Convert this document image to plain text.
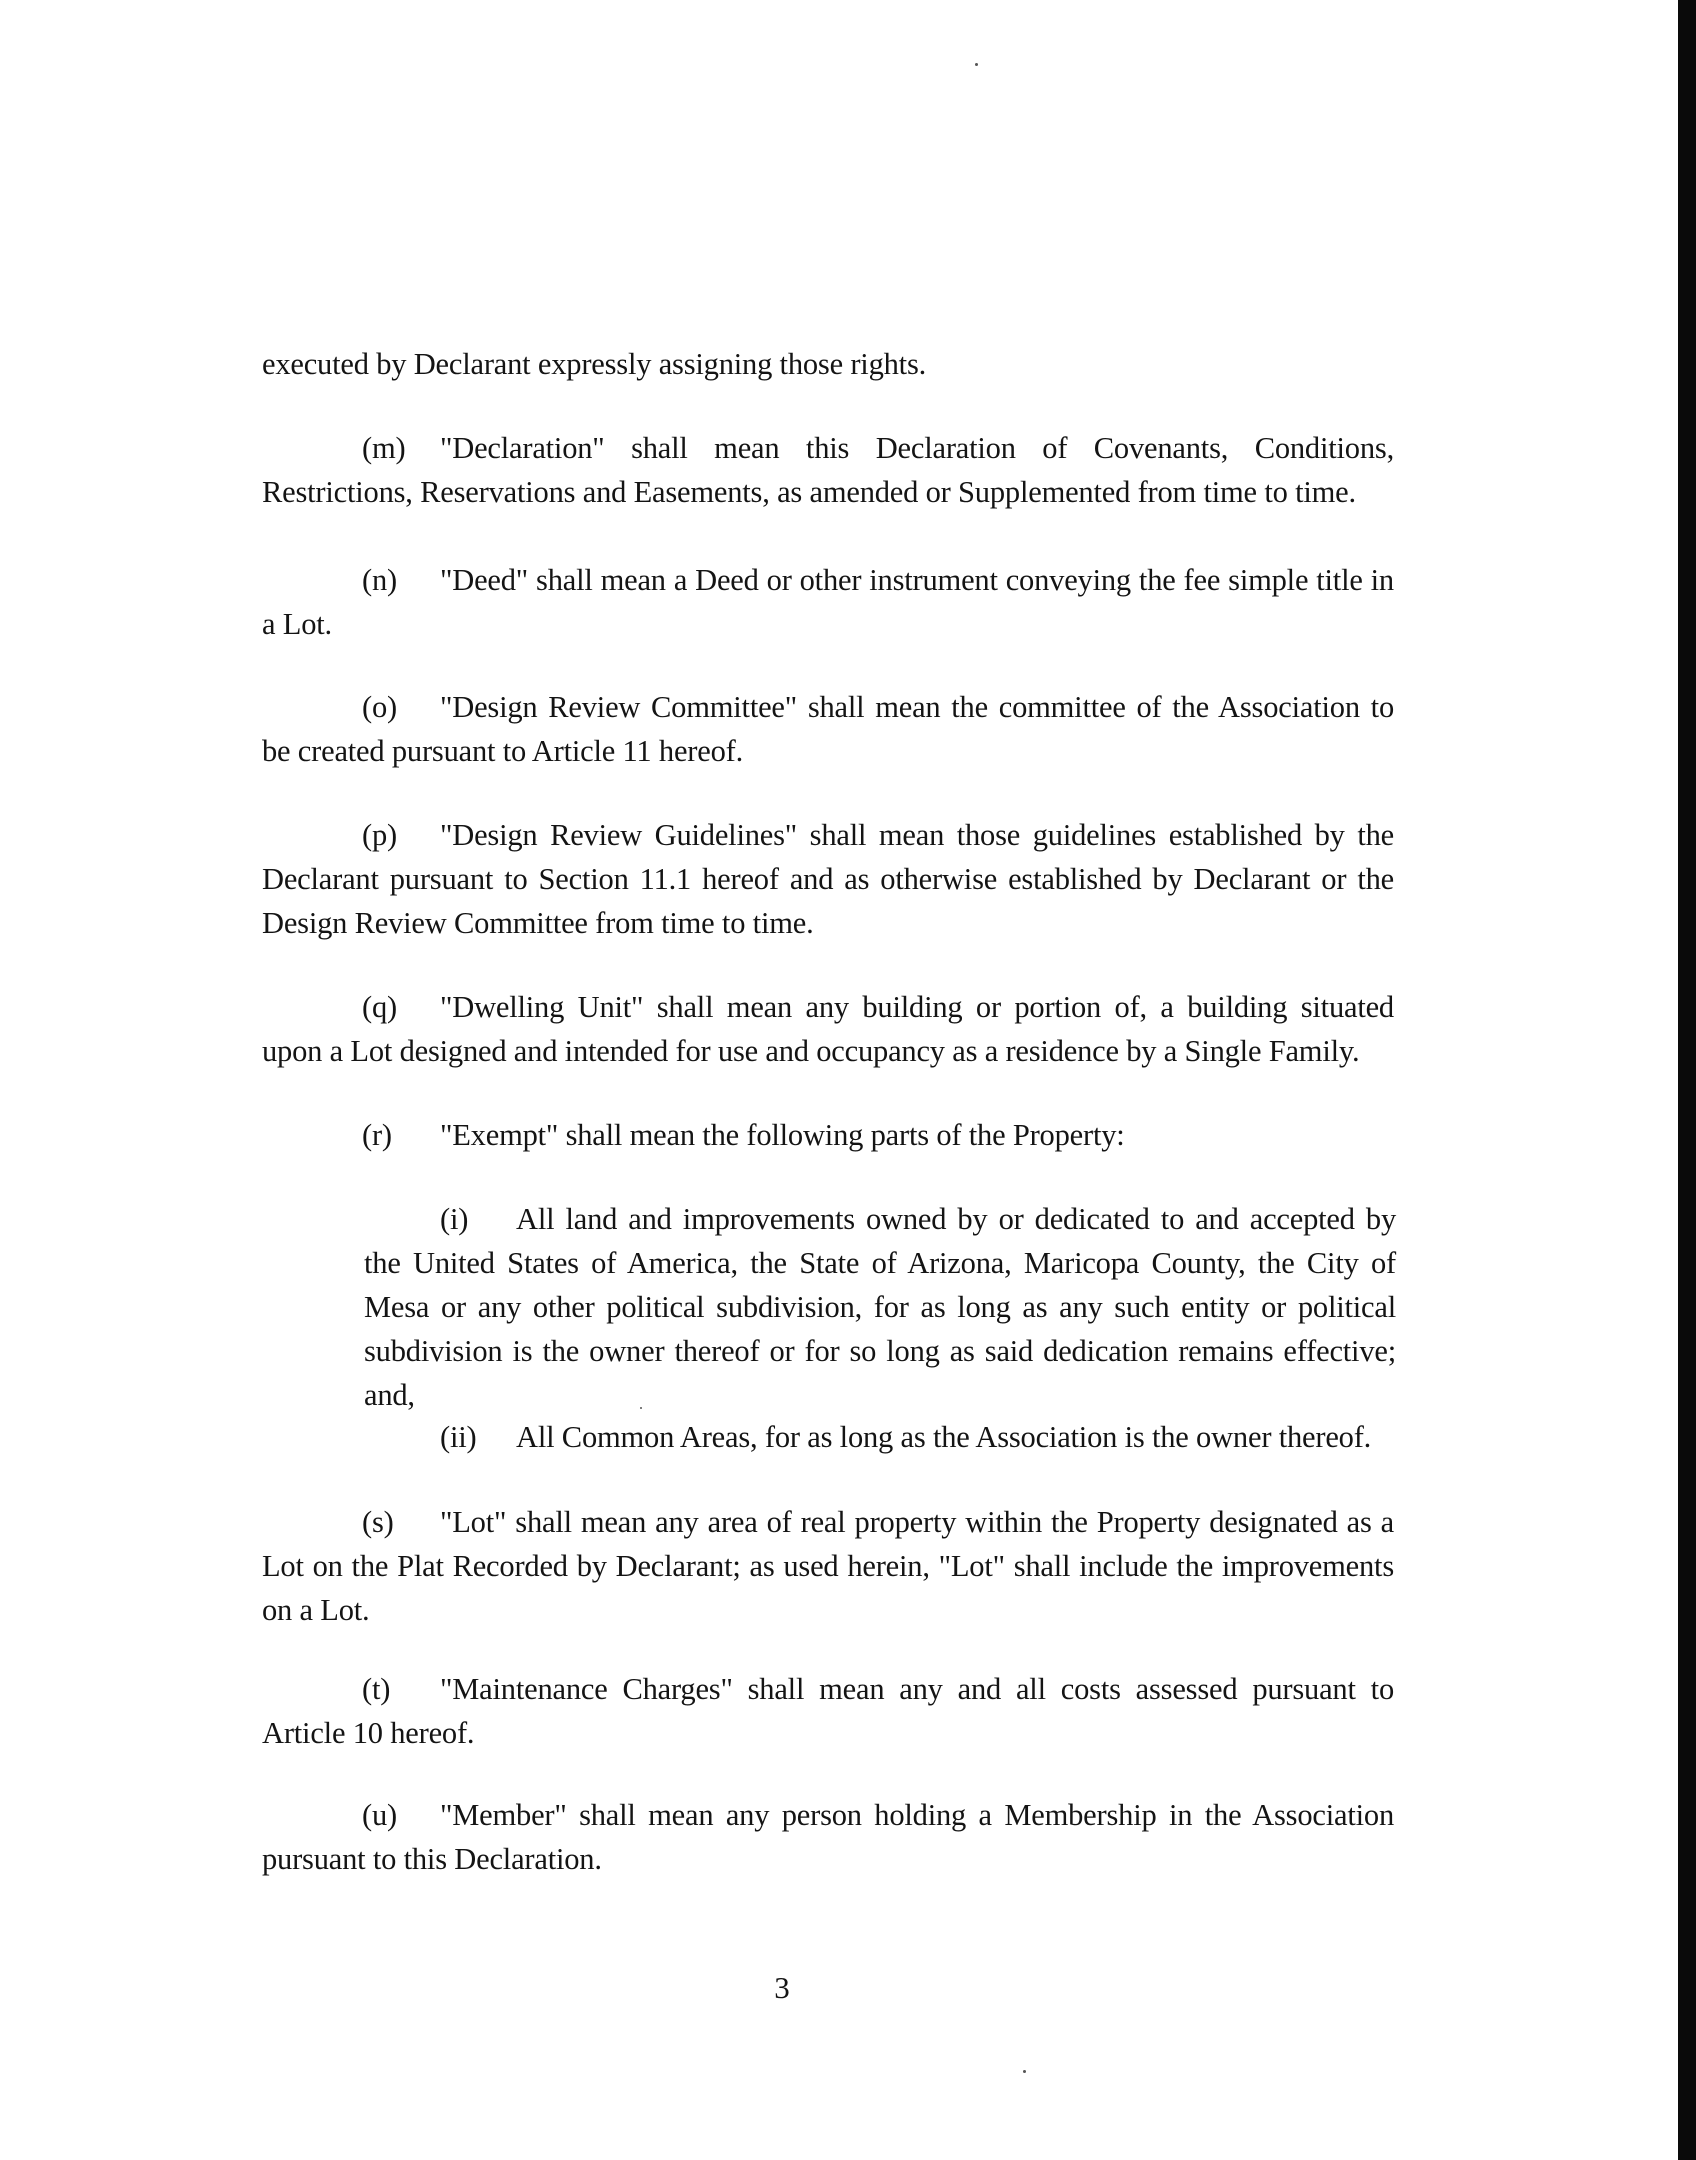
executed by Declarant expressly assigning those rights.

(m) "Declaration" shall mean this Declaration of Covenants, Conditions, Restrictions, Reservations and Easements, as amended or Supplemented from time to time.

(n) "Deed" shall mean a Deed or other instrument conveying the fee simple title in a Lot.

(o) "Design Review Committee" shall mean the committee of the Association to be created pursuant to Article 11 hereof.

(p) "Design Review Guidelines" shall mean those guidelines established by the Declarant pursuant to Section 11.1 hereof and as otherwise established by Declarant or the Design Review Committee from time to time.

(q) "Dwelling Unit" shall mean any building or portion of, a building situated upon a Lot designed and intended for use and occupancy as a residence by a Single Family.

(r) "Exempt" shall mean the following parts of the Property:

(i) All land and improvements owned by or dedicated to and accepted by the United States of America, the State of Arizona, Maricopa County, the City of Mesa or any other political subdivision, for as long as any such entity or political subdivision is the owner thereof or for so long as said dedication remains effective; and,

(ii) All Common Areas, for as long as the Association is the owner thereof.

(s) "Lot" shall mean any area of real property within the Property designated as a Lot on the Plat Recorded by Declarant; as used herein, "Lot" shall include the improvements on a Lot.

(t) "Maintenance Charges" shall mean any and all costs assessed pursuant to Article 10 hereof.

(u) "Member" shall mean any person holding a Membership in the Association pursuant to this Declaration.

3
